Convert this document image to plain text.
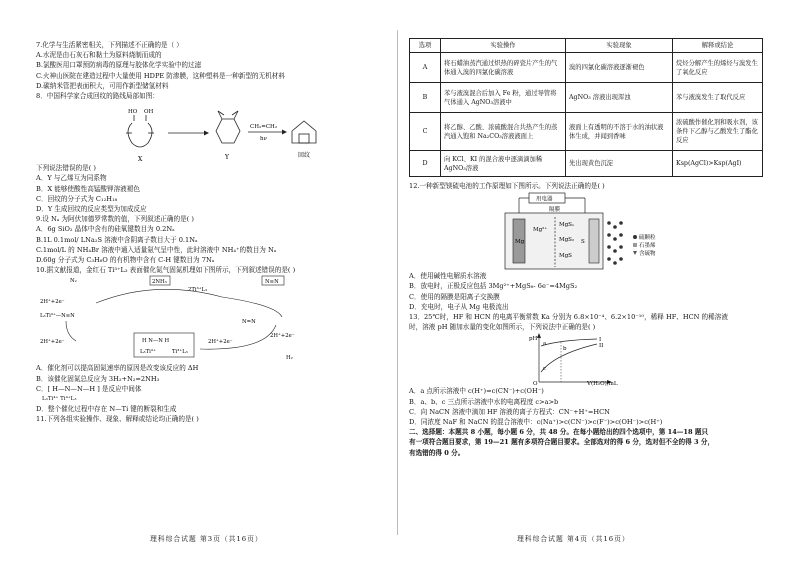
7.化学与生活紧密相关，下列描述不正确的是（ ）
A.水泥是由石灰石和黏土为原料烧制而成的
B.氯酸医用口罩预防病毒的原理与胶体化学实验中的过滤
C.火神山医院在建造过程中大量使用 HDPE 防渗膜，这种塑料是一种新型的无机材料
D.碳纳米管把表面积大，可用作新型储氢材料
8．中国科学家合成回纹的路线局部如图：
HO OH
X	Y
CH₂=CH₂
hν
回纹
下列说法错误的是( )
A．Y 与乙烯互为同系物
B．X 能够使酸性高锰酸钾溶液褪色
C．回纹的分子式为 C₁₂H₁₈
D．Y 生成回纹的反应类型为加成反应
9.设 Nₐ 为阿伏加德罗常数的值，下列叙述正确的是( )
A．6g SiO₂ 晶体中含有的硅氧键数目为 0.2Nₐ
B.1L 0.1mol/ LNa₂S 溶液中含阴离子数目大于 0.1Nₐ
C.1mol/L 的 NH₄Br 溶液中通入适量氨气呈中性，此时溶液中 NH₄⁺的数目为 Nₐ
D.60g 分子式为 C₃H₈O 的有机物中含有 C-H 键数目为 7Nₐ
10.据文献报道，金红石 Ti³⁺L₃ 表面催化氮气固氮机理如下图所示，下列叙述错误的是( )
N₂	2NH₃	N≡N
2Ti³⁺L₃
2H⁺+2e⁻
L₃Ti³⁺—N≡N
2H⁺+2e⁻	H N—N H
L₃Ti³⁺	Ti³⁺L₃
2H⁺+2e⁻
N=N
2H⁺+2e⁻
H₂
A．催化剂可以提高固氮速率的原因是改变该反应的 ΔH
B．该催化固氮总反应为 3H₂+N₂=2NH₃
C．[ H—N—N—H ] 是反应中间体
L₃Ti⁴⁺ Ti⁴⁺L₃
D．整个催化过程中存在 N—Ti 键的断裂和生成
11.下列各组实验操作、现象、解释或结论均正确的是( )
理科综合试题 第3页（共16页）
选项	实验操作	实验现象	解释或结论
A	将石蜡油蒸汽通过炽热的碎瓷片产生的气体通入溴的四氯化碳溶液	溴的四氯化碳溶液逐渐褪色	烷烃分解产生的烯烃与溴发生了氧化反应
B	苯与液溴混合后加入 Fe 粉，通过导管将气体通入 AgNO₃溶液中	AgNO₃ 溶液出现浑浊	苯与液溴发生了取代反应
C	将乙醇、乙酸、浓硫酸混合共热产生的蒸汽通入饱和 Na₂CO₃溶液液面上	液面上有透明的不溶于水的油状液体生成，并闻到香味	浓硫酸作催化剂和吸水剂，该条件下乙醇与乙酸发生了酯化反应
D	向 KCl、KI 的混合液中逐滴滴加稀 AgNO₃溶液	先出现黄色沉淀	Ksp(AgCl)>Ksp(AgI)
12.一种新型镁硫电池的工作原理如下图所示。下列说法正确的是( )
用电器
Mg
Mg²⁺
隔膜
MgSₓ
MgS₂
MgS
S
硫颗粒
石墨烯
含硫物
A．使用碱性电解质水溶液
B．放电时，正极反应包括 3Mg²⁺+MgS₈- 6e⁻=4MgS₂
C．使用的隔膜是阳离子交换膜
D．充电时，电子从 Mg 电极流出
13．25℃时，HF 和 HCN 的电离平衡常数 Ka 分别为 6.8×10⁻⁴、6.2×10⁻¹⁰，稀释 HF、HCN 的稀溶液
时，溶液 pH 随加水量的变化如图所示，下列说法中正确的是( )
pH
V(H₂O)/mL
O
I
II
a
b
c
A．a 点所示溶液中 c(H⁺)=c(CN⁻)+c(OH⁻)
B．a、b、c 三点所示溶液中水的电离程度 c>a>b
C．向 NaCN 溶液中滴加 HF 溶液的离子方程式：CN⁻+H⁺=HCN
D．同浓度 NaF 和 NaCN 的混合溶液中：c(Na⁺)>c(CN⁻)>c(F⁻)>c(OH⁻)>c(H⁺)
二、选择题：本题共 8 小题，每小题 6 分，共 48 分。在每小题给出的四个选项中，第 14—18 题只
有一项符合题目要求，第 19—21 题有多项符合题目要求。全部选对的得 6 分，选对但不全的得 3 分，
有选错的得 0 分。
理科综合试题 第4页（共16页）
